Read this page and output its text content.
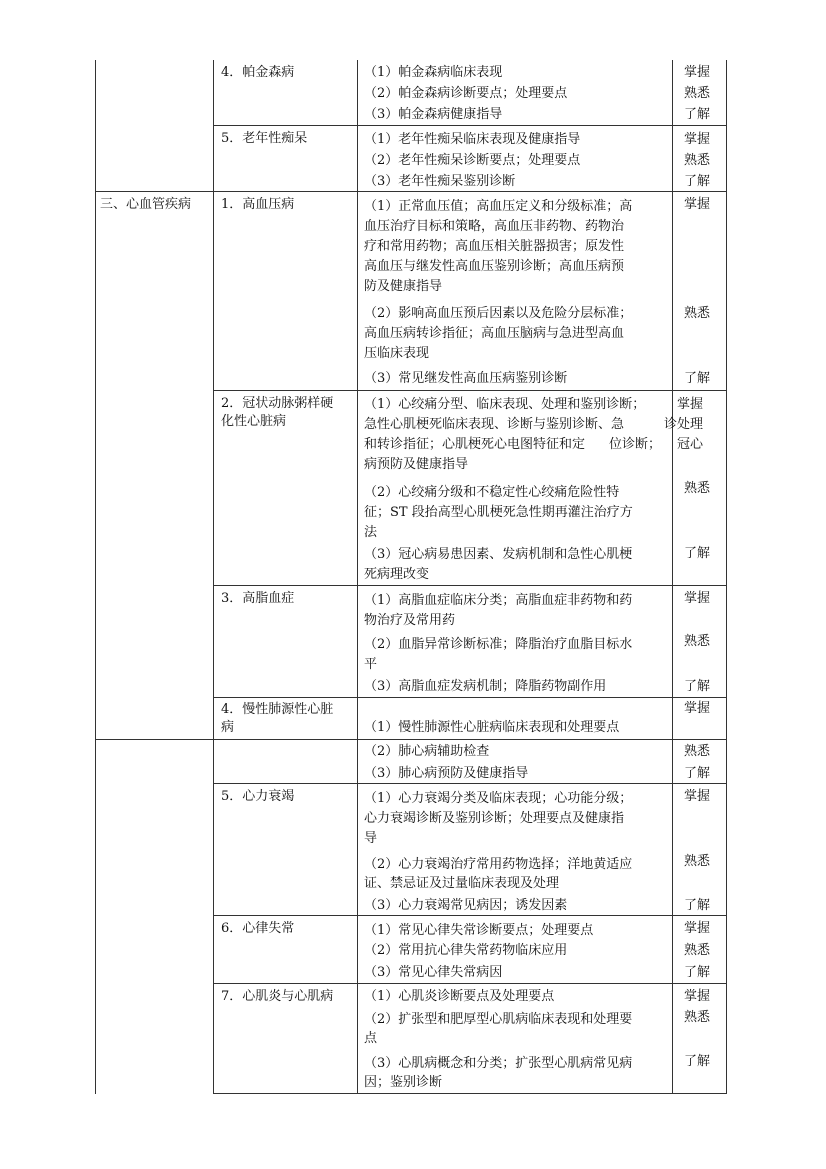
三、心血管疾病
4．帕金森病
5．老年性痴呆
1．高血压病
2．冠状动脉粥样硬
化性心脏病
3．高脂血症
4．慢性肺源性心脏
病
5．心力衰竭
6．心律失常
7．心肌炎与心肌病
（1）帕金森病临床表现
（2）帕金森病诊断要点；处理要点
（3）帕金森病健康指导
（1）老年性痴呆临床表现及健康指导
（2）老年性痴呆诊断要点；处理要点
（3）老年性痴呆鉴别诊断
（1）正常血压值；高血压定义和分级标准；高
血压治疗目标和策略，高血压非药物、药物治
疗和常用药物；高血压相关脏器损害；原发性
高血压与继发性高血压鉴别诊断；高血压病预
防及健康指导
（2）影响高血压预后因素以及危险分层标准；
高血压病转诊指征；高血压脑病与急进型高血
压临床表现
（3）常见继发性高血压病鉴别诊断
（1）心绞痛分型、临床表现、处理和鉴别诊断；
急性心肌梗死临床表现、诊断与鉴别诊断、急
和转诊指征；心肌梗死心电图特征和定 位诊断；
病预防及健康指导
诊处理
冠心
（2）心绞痛分级和不稳定性心绞痛危险性特
征；ST 段抬高型心肌梗死急性期再灌注治疗方
法
（3）冠心病易患因素、发病机制和急性心肌梗
死病理改变
（1）高脂血症临床分类；高脂血症非药物和药
物治疗及常用药
（2）血脂异常诊断标准；降脂治疗血脂目标水
平
（3）高脂血症发病机制；降脂药物副作用
（1）慢性肺源性心脏病临床表现和处理要点
（2）肺心病辅助检查
（3）肺心病预防及健康指导
（1）心力衰竭分类及临床表现；心功能分级；
心力衰竭诊断及鉴别诊断；处理要点及健康指
导
（2）心力衰竭治疗常用药物选择；洋地黄适应
证、禁忌证及过量临床表现及处理
（3）心力衰竭常见病因；诱发因素
（1）常见心律失常诊断要点；处理要点
（2）常用抗心律失常药物临床应用
（3）常见心律失常病因
（1）心肌炎诊断要点及处理要点
（2）扩张型和肥厚型心肌病临床表现和处理要
点
（3）心肌病概念和分类；扩张型心肌病常见病
因；鉴别诊断
掌握
熟悉
了解
掌握
熟悉
了解
掌握
熟悉
了解
掌握
熟悉
了解
掌握
熟悉
了解
掌握
熟悉
了解
掌握
熟悉
了解
掌握
熟悉
了解
掌握
熟悉
了解
